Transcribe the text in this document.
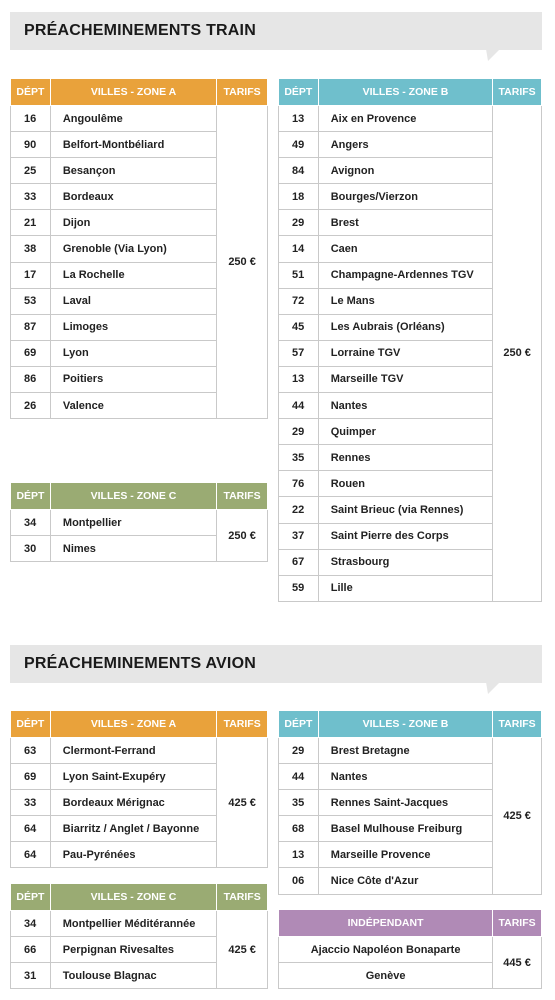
PRÉACHEMINEMENTS TRAIN
DÉPT	VILLES - ZONE A	TARIFS
16	Angoulême	250 €
90	Belfort-Montbéliard	
25	Besançon	
33	Bordeaux	
21	Dijon	
38	Grenoble (Via Lyon)	
17	La Rochelle	
53	Laval	
87	Limoges	
69	Lyon	
86	Poitiers	
26	Valence	
DÉPT	VILLES - ZONE B	TARIFS
13	Aix en Provence	250 €
49	Angers	
84	Avignon	
18	Bourges/Vierzon	
29	Brest	
14	Caen	
51	Champagne-Ardennes TGV	
72	Le Mans	
45	Les Aubrais (Orléans)	
57	Lorraine TGV	
13	Marseille TGV	
44	Nantes	
29	Quimper	
35	Rennes	
76	Rouen	
22	Saint Brieuc (via Rennes)	
37	Saint Pierre des Corps	
67	Strasbourg	
59	Lille	
DÉPT	VILLES - ZONE C	TARIFS
34	Montpellier	250 €
30	Nimes	
PRÉACHEMINEMENTS AVION
DÉPT	VILLES - ZONE A	TARIFS
63	Clermont-Ferrand	425 €
69	Lyon Saint-Exupéry	
33	Bordeaux Mérignac	
64	Biarritz / Anglet / Bayonne	
64	Pau-Pyrénées	
DÉPT	VILLES - ZONE B	TARIFS
29	Brest Bretagne	425 €
44	Nantes	
35	Rennes Saint-Jacques	
68	Basel Mulhouse Freiburg	
13	Marseille Provence	
06	Nice Côte d'Azur	
DÉPT	VILLES - ZONE C	TARIFS
34	Montpellier Méditérannée	425 €
66	Perpignan Rivesaltes	
31	Toulouse Blagnac	
INDÉPENDANT	TARIFS
Ajaccio Napoléon Bonaparte	445 €
Genève	
